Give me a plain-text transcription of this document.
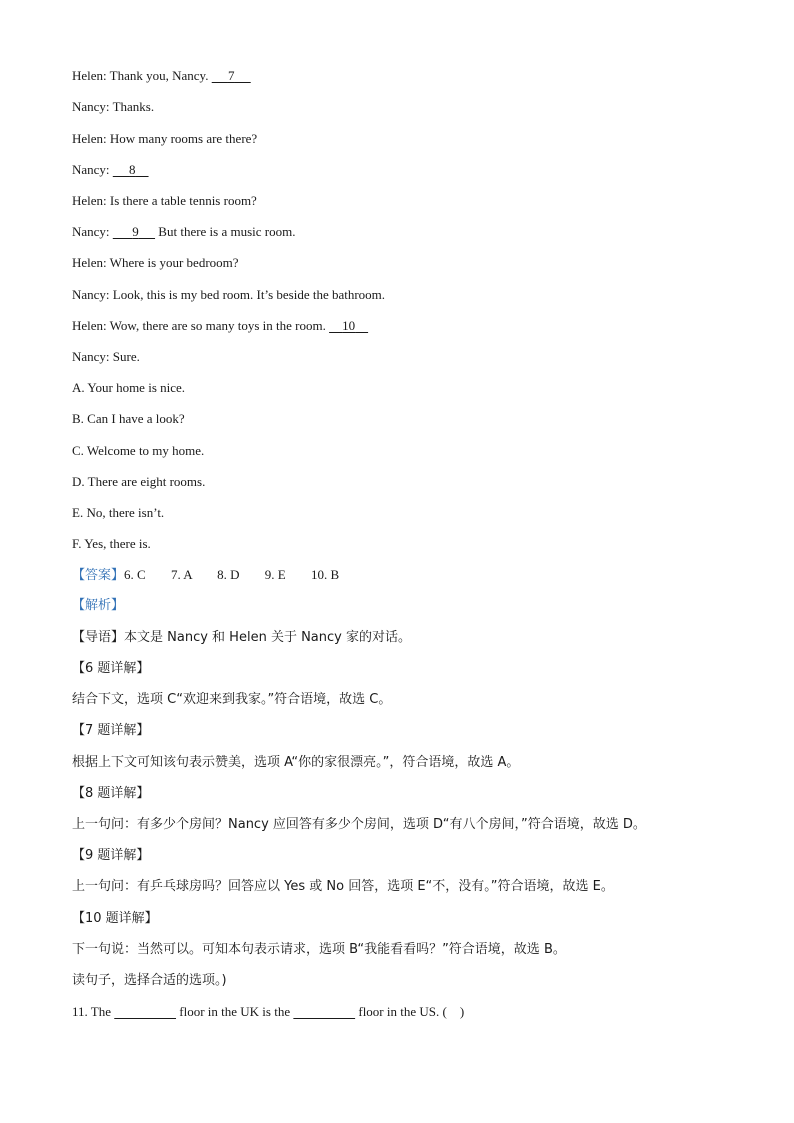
Helen: Thank you, Nancy. 7
Nancy: Thanks.
Helen: How many rooms are there?
Nancy: 8
Helen: Is there a table tennis room?
Nancy: 9 But there is a music room.
Helen: Where is your bedroom?
Nancy: Look, this is my bed room. It’s beside the bathroom.
Helen: Wow, there are so many toys in the room. 10
Nancy: Sure.
A. Your home is nice.
B. Can I have a look?
C. Welcome to my home.
D. There are eight rooms.
E. No, there isn’t.
F. Yes, there is.
【答案】6. C 7. A 8. D 9. E 10. B
【解析】
【导语】本文是 Nancy 和 Helen 关于 Nancy 家的对话。
【6 题详解】
结合下文，选项 C“欢迎来到我家。”符合语境，故选 C。
【7 题详解】
根据上下文可知该句表示赞美，选项 A“你的家很漂亮。”，符合语境，故选 A。
【8 题详解】
上一句问：有多少个房间？Nancy 应回答有多少个房间，选项 D“有八个房间，”符合语境，故选 D。
【9 题详解】
上一句问：有乒乓球房吗？回答应以 Yes 或 No 回答，选项 E“不，没有。”符合语境，故选 E。
【10 题详解】
下一句说：当然可以。可知本句表示请求，选项 B“我能看看吗？”符合语境，故选 B。
读句子，选择合适的选项。)
11. The	floor in the UK is the	floor in the US. ( )
